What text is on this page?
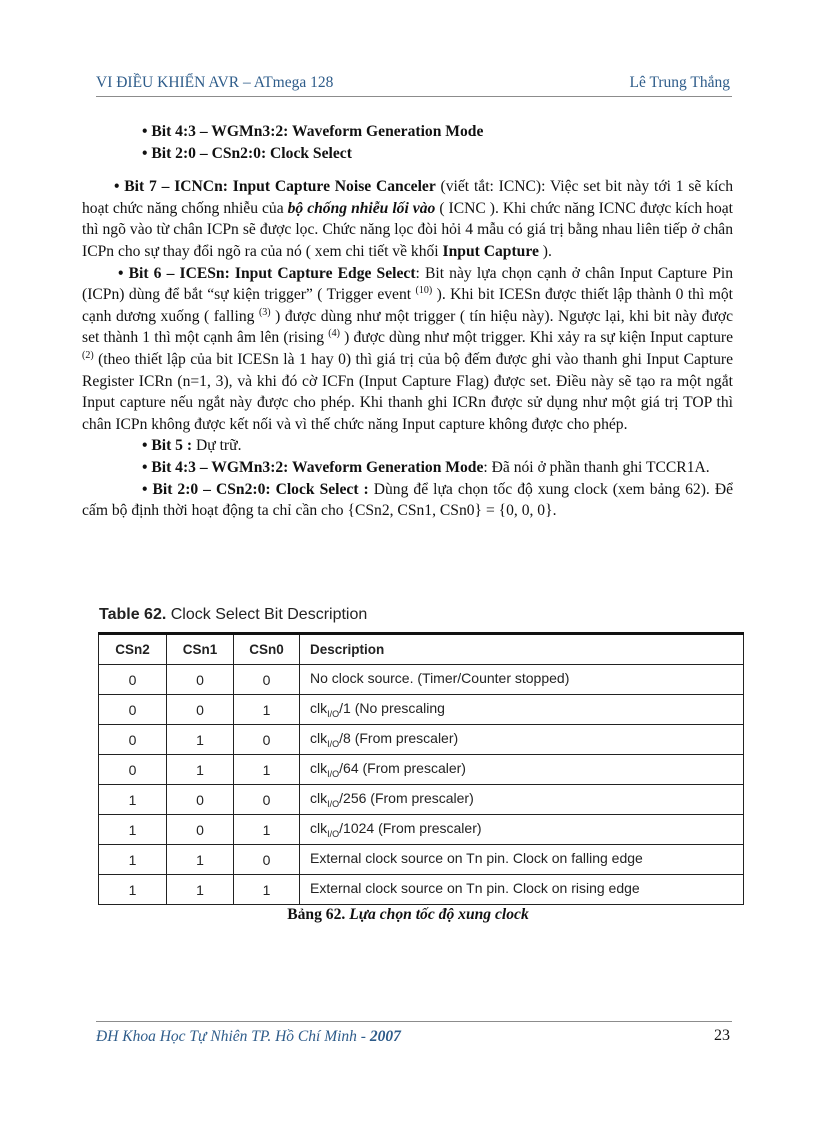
VI ĐIỀU KHIỂN AVR – ATmega 128	Lê Trung Thắng

• Bit 4:3 – WGMn3:2: Waveform Generation Mode

• Bit 2:0 – CSn2:0: Clock Select

• Bit 7 – ICNCn: Input Capture Noise Canceler (viết tắt: ICNC): Việc set bit này tới 1 sẽ kích hoạt chức năng chống nhiễu của bộ chống nhiễu lối vào ( ICNC ). Khi chức năng ICNC được kích hoạt thì ngõ vào từ chân ICPn sẽ được lọc. Chức năng lọc đòi hỏi 4 mẫu có giá trị bằng nhau liên tiếp ở chân ICPn cho sự thay đổi ngõ ra của nó ( xem chi tiết về khối Input Capture ).

• Bit 6 – ICESn: Input Capture Edge Select: Bit này lựa chọn cạnh ở chân Input Capture Pin (ICPn) dùng để bắt “sự kiện trigger” ( Trigger event $^{(10)}$ ). Khi bit ICESn được thiết lập thành 0 thì một cạnh dương xuống ( falling $^{(3)}$ ) được dùng như một trigger ( tín hiệu này). Ngược lại, khi bit này được set thành 1 thì một cạnh âm lên (rising $^{(4)}$ ) được dùng như một trigger. Khi xảy ra sự kiện Input capture $^{(2)}$ (theo thiết lập của bit ICESn là 1 hay 0) thì giá trị của bộ đếm được ghi vào thanh ghi Input Capture Register ICRn (n=1, 3), và khi đó cờ ICFn (Input Capture Flag) được set. Điều này sẽ tạo ra một ngắt Input capture nếu ngắt này được cho phép. Khi thanh ghi ICRn được sử dụng như một giá trị TOP thì chân ICPn không được kết nối và vì thế chức năng Input capture không được cho phép.

• Bit 5 : Dự trữ.

• Bit 4:3 – WGMn3:2: Waveform Generation Mode: Đã nói ở phần thanh ghi TCCR1A.

• Bit 2:0 – CSn2:0: Clock Select : Dùng để lựa chọn tốc độ xung clock (xem bảng 62). Để cấm bộ định thời hoạt động ta chỉ cần cho {CSn2, CSn1, CSn0} = {0, 0, 0}.

Table 62. Clock Select Bit Description
CSn2	CSn1	CSn0	Description
0	0	0	No clock source. (Timer/Counter stopped)
0	0	1	clk$_{I/O}$/1 (No prescaling
0	1	0	clk$_{I/O}$/8 (From prescaler)
0	1	1	clk$_{I/O}$/64 (From prescaler)
1	0	0	clk$_{I/O}$/256 (From prescaler)
1	0	1	clk$_{I/O}$/1024 (From prescaler)
1	1	0	External clock source on Tn pin. Clock on falling edge
1	1	1	External clock source on Tn pin. Clock on rising edge
Bảng 62. Lựa chọn tốc độ xung clock
ĐH Khoa Học Tự Nhiên TP. Hồ Chí Minh - 2007	23
